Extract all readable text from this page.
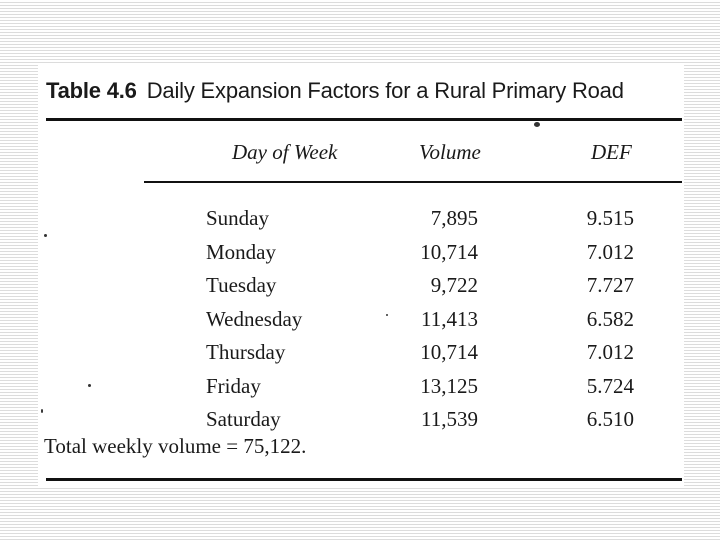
Table 4.6 Daily Expansion Factors for a Rural Primary Road
Day of Week	Volume	DEF
Sunday
Monday
Tuesday
Wednesday
Thursday
Friday
Saturday
7,895
10,714
9,722
11,413
10,714
13,125
11,539
9.515
7.012
7.727
6.582
7.012
5.724
6.510
Total weekly volume = 75,122.
